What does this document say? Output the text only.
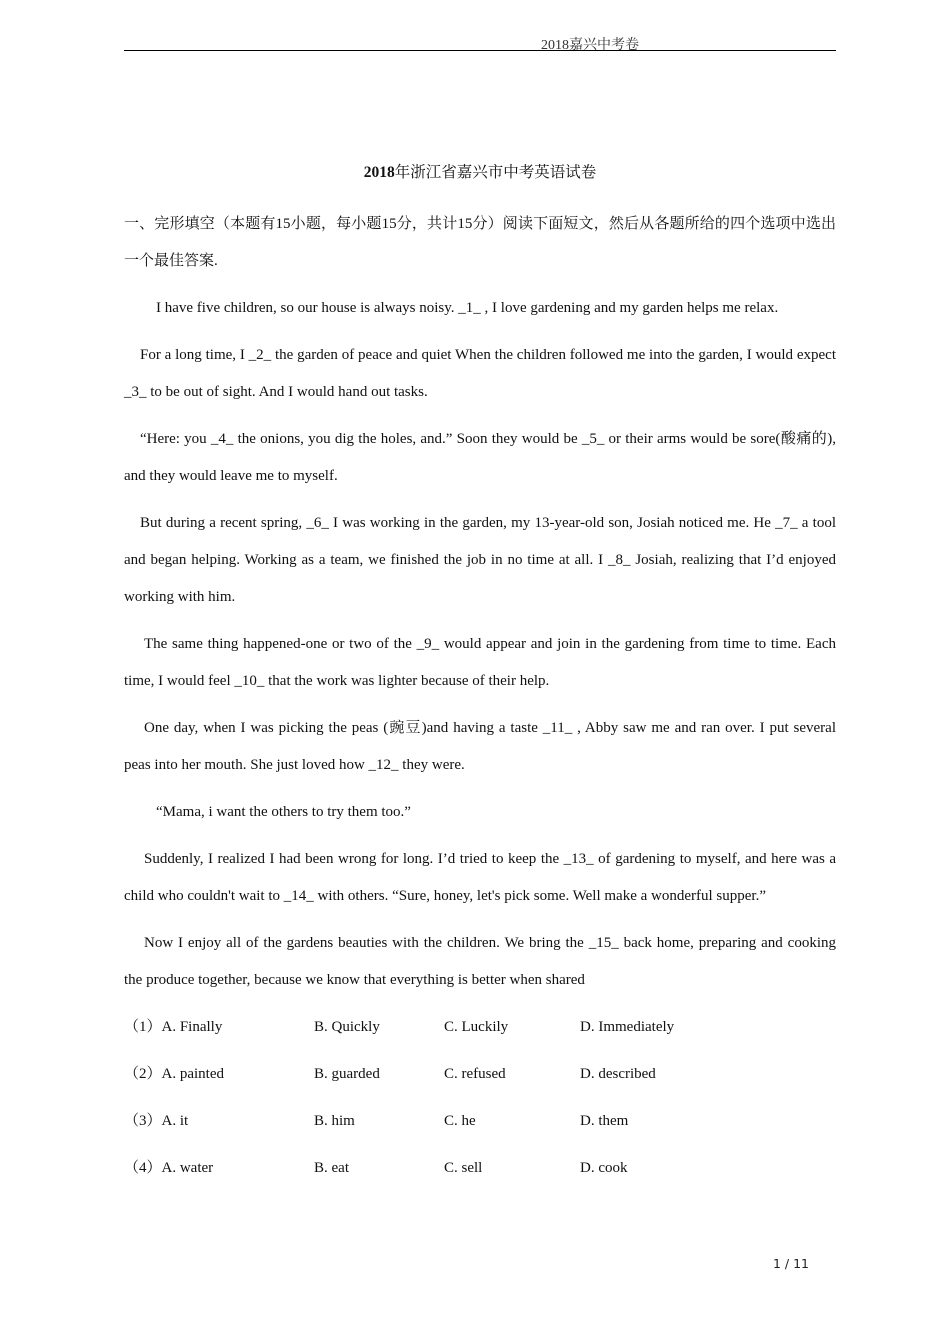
2018嘉兴中考卷
2018年浙江省嘉兴市中考英语试卷
一、完形填空（本题有15小题，每小题15分，共计15分）阅读下面短文，然后从各题所给的四个选项中选出一个最佳答案.
I have five children, so our house is always noisy. _1_ , I love gardening and my garden helps me relax.
For a long time, I _2_ the garden of peace and quiet When the children followed me into the garden, I would expect _3_ to be out of sight. And I would hand out tasks.
“Here: you _4_ the onions, you dig the holes, and.” Soon they would be _5_ or their arms would be sore(酸痛的), and they would leave me to myself.
But during a recent spring, _6_ I was working in the garden, my 13-year-old son, Josiah noticed me. He _7_ a tool and began helping. Working as a team, we finished the job in no time at all. I _8_ Josiah, realizing that I’d enjoyed working with him.
The same thing happened-one or two of the _9_ would appear and join in the gardening from time to time. Each time, I would feel _10_ that the work was lighter because of their help.
One day, when I was picking the peas (豌豆)and having a taste _11_ , Abby saw me and ran over. I put several peas into her mouth. She just loved how _12_ they were.
“Mama, i want the others to try them too.”
Suddenly, I realized I had been wrong for long. I’d tried to keep the _13_ of gardening to myself, and here was a child who couldn't wait to _14_ with others. “Sure, honey, let's pick some. Well make a wonderful supper.”
Now I enjoy all of the gardens beauties with the children. We bring the _15_ back home, preparing and cooking the produce together, because we know that everything is better when shared
（1）A. Finally	B. Quickly	C. Luckily	D. Immediately
（2）A. painted	B. guarded	C. refused	D. described
（3）A. it	B. him	C. he	D. them
（4）A. water	B. eat	C. sell	D. cook
1 / 11
